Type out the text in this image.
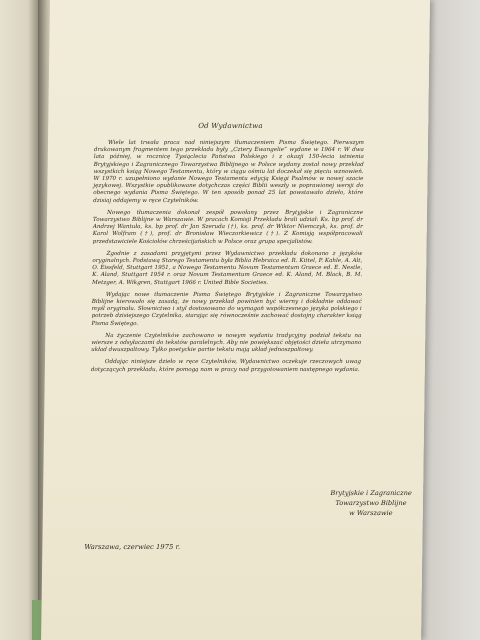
Od Wydawnictwa

Wiele lat trwała praca nad niniejszym tłumaczeniem Pisma Świętego. Pierwszym drukowanym fragmentem tego przekładu były „Cztery Ewangelie” wydane w 1964 r. W dwa lata później, w rocznicę Tysiąclecia Państwa Polskiego i z okazji 150-lecia istnienia Brytyjskiego i Zagranicznego Towarzystwa Biblijnego w Polsce wydany został nowy przekład wszystkich ksiąg Nowego Testamentu, który w ciągu ośmiu lat doczekał się pięciu wznowień. W 1970 r. uzupełniono wydanie Nowego Testamentu edycją Księgi Psalmów w nowej szacie językowej. Wszystkie opublikowane dotychczas części Biblii weszły w poprawionej wersji do obecnego wydania Pisma Świętego. W ten sposób ponad 25 lat powstawało dzieło, które dzisiaj oddajemy w ręce Czytelników.

Nowego tłumaczenia dokonał zespół powołany przez Brytyjskie i Zagraniczne Towarzystwo Biblijne w Warszawie. W pracach Komisji Przekładu brali udział: Ks. bp prof. dr Andrzej Wantuła, ks. bp prof. dr Jan Szeruda (†), ks. prof. dr Wiktor Niemczyk, ks. prof. dr Karol Wolfram (†), prof. dr Bronisław Wieczorkiewicz (†). Z Komisją współpracowali przedstawiciele Kościołów chrześcijańskich w Polsce oraz grupa specjalistów.

Zgodnie z zasadami przyjętymi przez Wydawnictwo przekładu dokonano z języków oryginalnych. Podstawą Starego Testamentu była Biblia Hebraica ed. R. Kittel, P. Kahle, A. Alt, O. Eissfeld, Stuttgart 1951, a Nowego Testamentu Novum Testamentum Graece ed. E. Nestle, K. Aland, Stuttgart 1954 r. oraz Novum Testamentum Graece ed. K. Aland, M. Black, B. M. Metzger, A. Wikgren, Stuttgart 1966 r. United Bible Societies.

Wydając nowe tłumaczenie Pisma Świętego Brytyjskie i Zagraniczne Towarzystwo Biblijne kierowało się zasadą, że nowy przekład powinien być wierny i dokładnie oddawać myśl oryginału. Słownictwo i styl dostosowano do wymagań współczesnego języka polskiego i potrzeb dzisiejszego Czytelnika, starając się równocześnie zachować dostojny charakter ksiąg Pisma Świętego.

Na życzenie Czytelników zachowano w nowym wydaniu tradycyjny podział tekstu na wiersze z odsyłaczami do tekstów paralelnych. Aby nie powiększać objętości dzieła utrzymano układ dwuszpaltowy. Tylko poetyckie partie tekstu mają układ jednoszpaltowy.

Oddając niniejsze dzieło w ręce Czytelników, Wydawnictwo oczekuje rzeczowych uwag dotyczących przekładu, które pomogą nam w pracy nad przygotowaniem następnego wydania.

Brytyjskie i Zagraniczne
Towarzystwo Biblijne
w Warszawie
Warszawa, czerwiec 1975 r.
